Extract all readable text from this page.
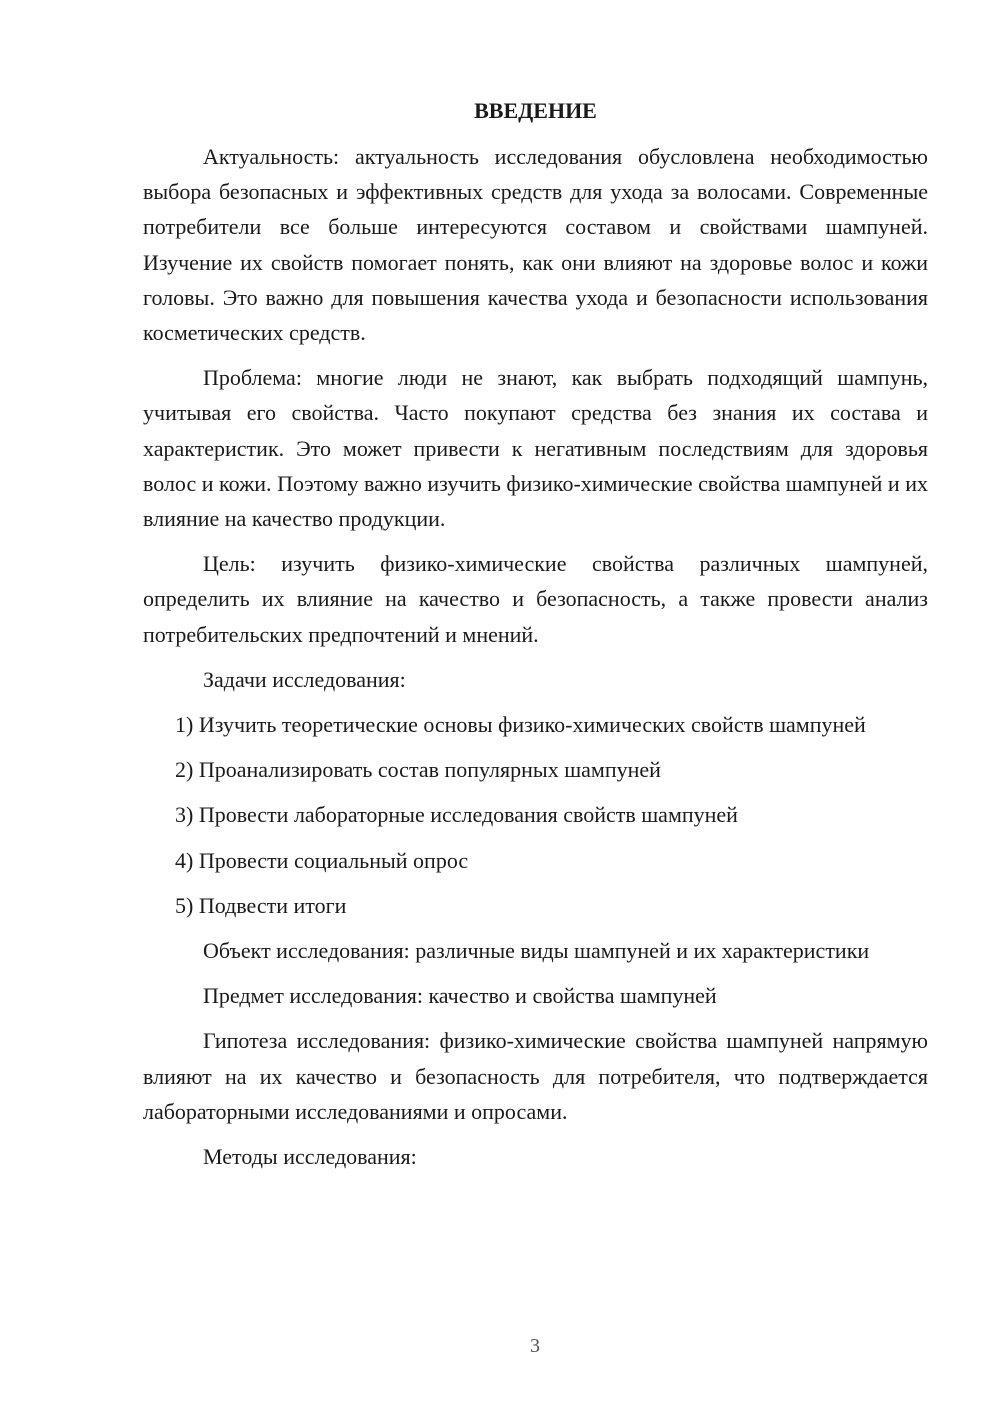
ВВЕДЕНИЕ

Актуальность: актуальность исследования обусловлена необходимостью выбора безопасных и эффективных средств для ухода за волосами. Современные потребители все больше интересуются составом и свойствами шампуней. Изучение их свойств помогает понять, как они влияют на здоровье волос и кожи головы. Это важно для повышения качества ухода и безопасности использования косметических средств.

Проблема: многие люди не знают, как выбрать подходящий шампунь, учитывая его свойства. Часто покупают средства без знания их состава и характеристик. Это может привести к негативным последствиям для здоровья волос и кожи. Поэтому важно изучить физико-химические свойства шампуней и их влияние на качество продукции.

Цель: изучить физико-химические свойства различных шампуней, определить их влияние на качество и безопасность, а также провести анализ потребительских предпочтений и мнений.

Задачи исследования:

1) Изучить теоретические основы физико-химических свойств шампуней

2) Проанализировать состав популярных шампуней

3) Провести лабораторные исследования свойств шампуней

4) Провести социальный опрос

5) Подвести итоги

Объект исследования: различные виды шампуней и их характеристики

Предмет исследования: качество и свойства шампуней

Гипотеза исследования: физико-химические свойства шампуней напрямую влияют на их качество и безопасность для потребителя, что подтверждается лабораторными исследованиями и опросами.

Методы исследования:

3
